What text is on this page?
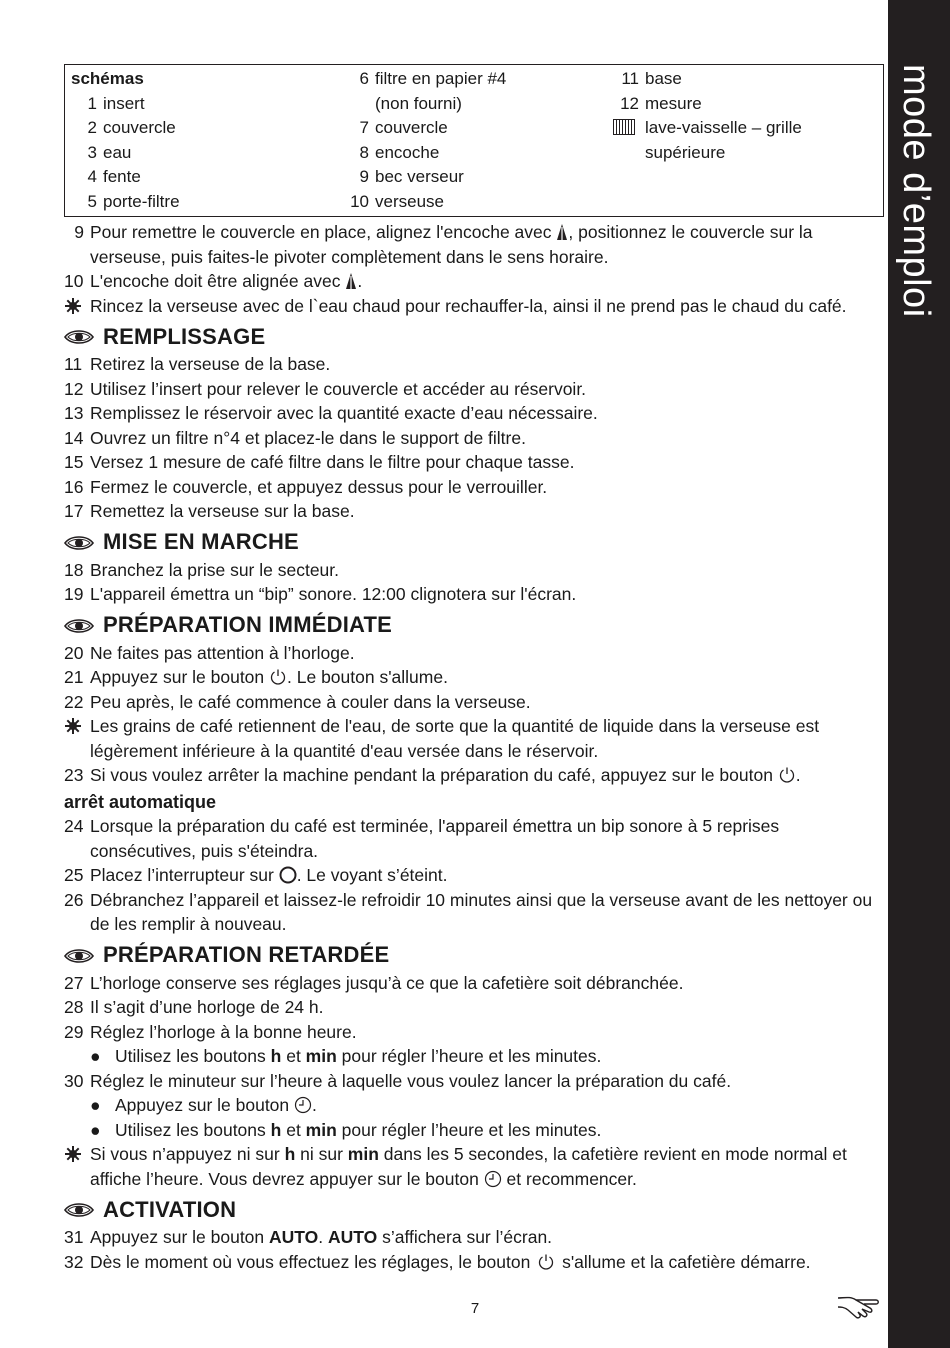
mode d’emploi
schémas
1 insert
2 couvercle
3 eau
4 fente
5 porte-filtre
6 filtre en papier #4
(non fourni)
7 couvercle
8 encoche
9 bec verseur
10 verseuse
11 base
12 mesure
lave-vaisselle – grille
supérieure
9 Pour remettre le couvercle en place, alignez l'encoche avec , positionnez le couvercle sur la verseuse, puis faites-le pivoter complètement dans le sens horaire.
10 L'encoche doit être alignée avec .
Rincez la verseuse avec de l`eau chaud pour rechauffer-la, ainsi il ne prend pas le chaud du café.
REMPLISSAGE
11 Retirez la verseuse de la base.
12 Utilisez l’insert pour relever le couvercle et accéder au réservoir.
13 Remplissez le réservoir avec la quantité exacte d’eau nécessaire.
14 Ouvrez un filtre n°4 et placez-le dans le support de filtre.
15 Versez 1 mesure de café filtre dans le filtre pour chaque tasse.
16 Fermez le couvercle, et appuyez dessus pour le verrouiller.
17 Remettez la verseuse sur la base.
MISE EN MARCHE
18 Branchez la prise sur le secteur.
19 L'appareil émettra un “bip” sonore. 12:00 clignotera sur l'écran.
PRÉPARATION IMMÉDIATE
20 Ne faites pas attention à l’horloge.
21 Appuyez sur le bouton . Le bouton s'allume.
22 Peu après, le café commence à couler dans la verseuse.
Les grains de café retiennent de l'eau, de sorte que la quantité de liquide dans la verseuse est légèrement inférieure à la quantité d'eau versée dans le réservoir.
23 Si vous voulez arrêter la machine pendant la préparation du café, appuyez sur le bouton .
arrêt automatique
24 Lorsque la préparation du café est terminée, l'appareil émettra un bip sonore à 5 reprises consécutives, puis s'éteindra.
25 Placez l’interrupteur sur . Le voyant s’éteint.
26 Débranchez l’appareil et laissez-le refroidir 10 minutes ainsi que la verseuse avant de les nettoyer ou de les remplir à nouveau.
PRÉPARATION RETARDÉE
27 L’horloge conserve ses réglages jusqu’à ce que la cafetière soit débranchée.
28 Il s’agit d’une horloge de 24 h.
29 Réglez l’horloge à la bonne heure.
● Utilisez les boutons h et min pour régler l’heure et les minutes.
30 Réglez le minuteur sur l’heure à laquelle vous voulez lancer la préparation du café.
● Appuyez sur le bouton .
● Utilisez les boutons h et min pour régler l’heure et les minutes.
Si vous n’appuyez ni sur h ni sur min dans les 5 secondes, la cafetière revient en mode normal et affiche l’heure. Vous devrez appuyer sur le bouton  et recommencer.
ACTIVATION
31 Appuyez sur le bouton AUTO. AUTO s’affichera sur l’écran.
32 Dès le moment où vous effectuez les réglages, le bouton  s'allume et la cafetière démarre.
7
